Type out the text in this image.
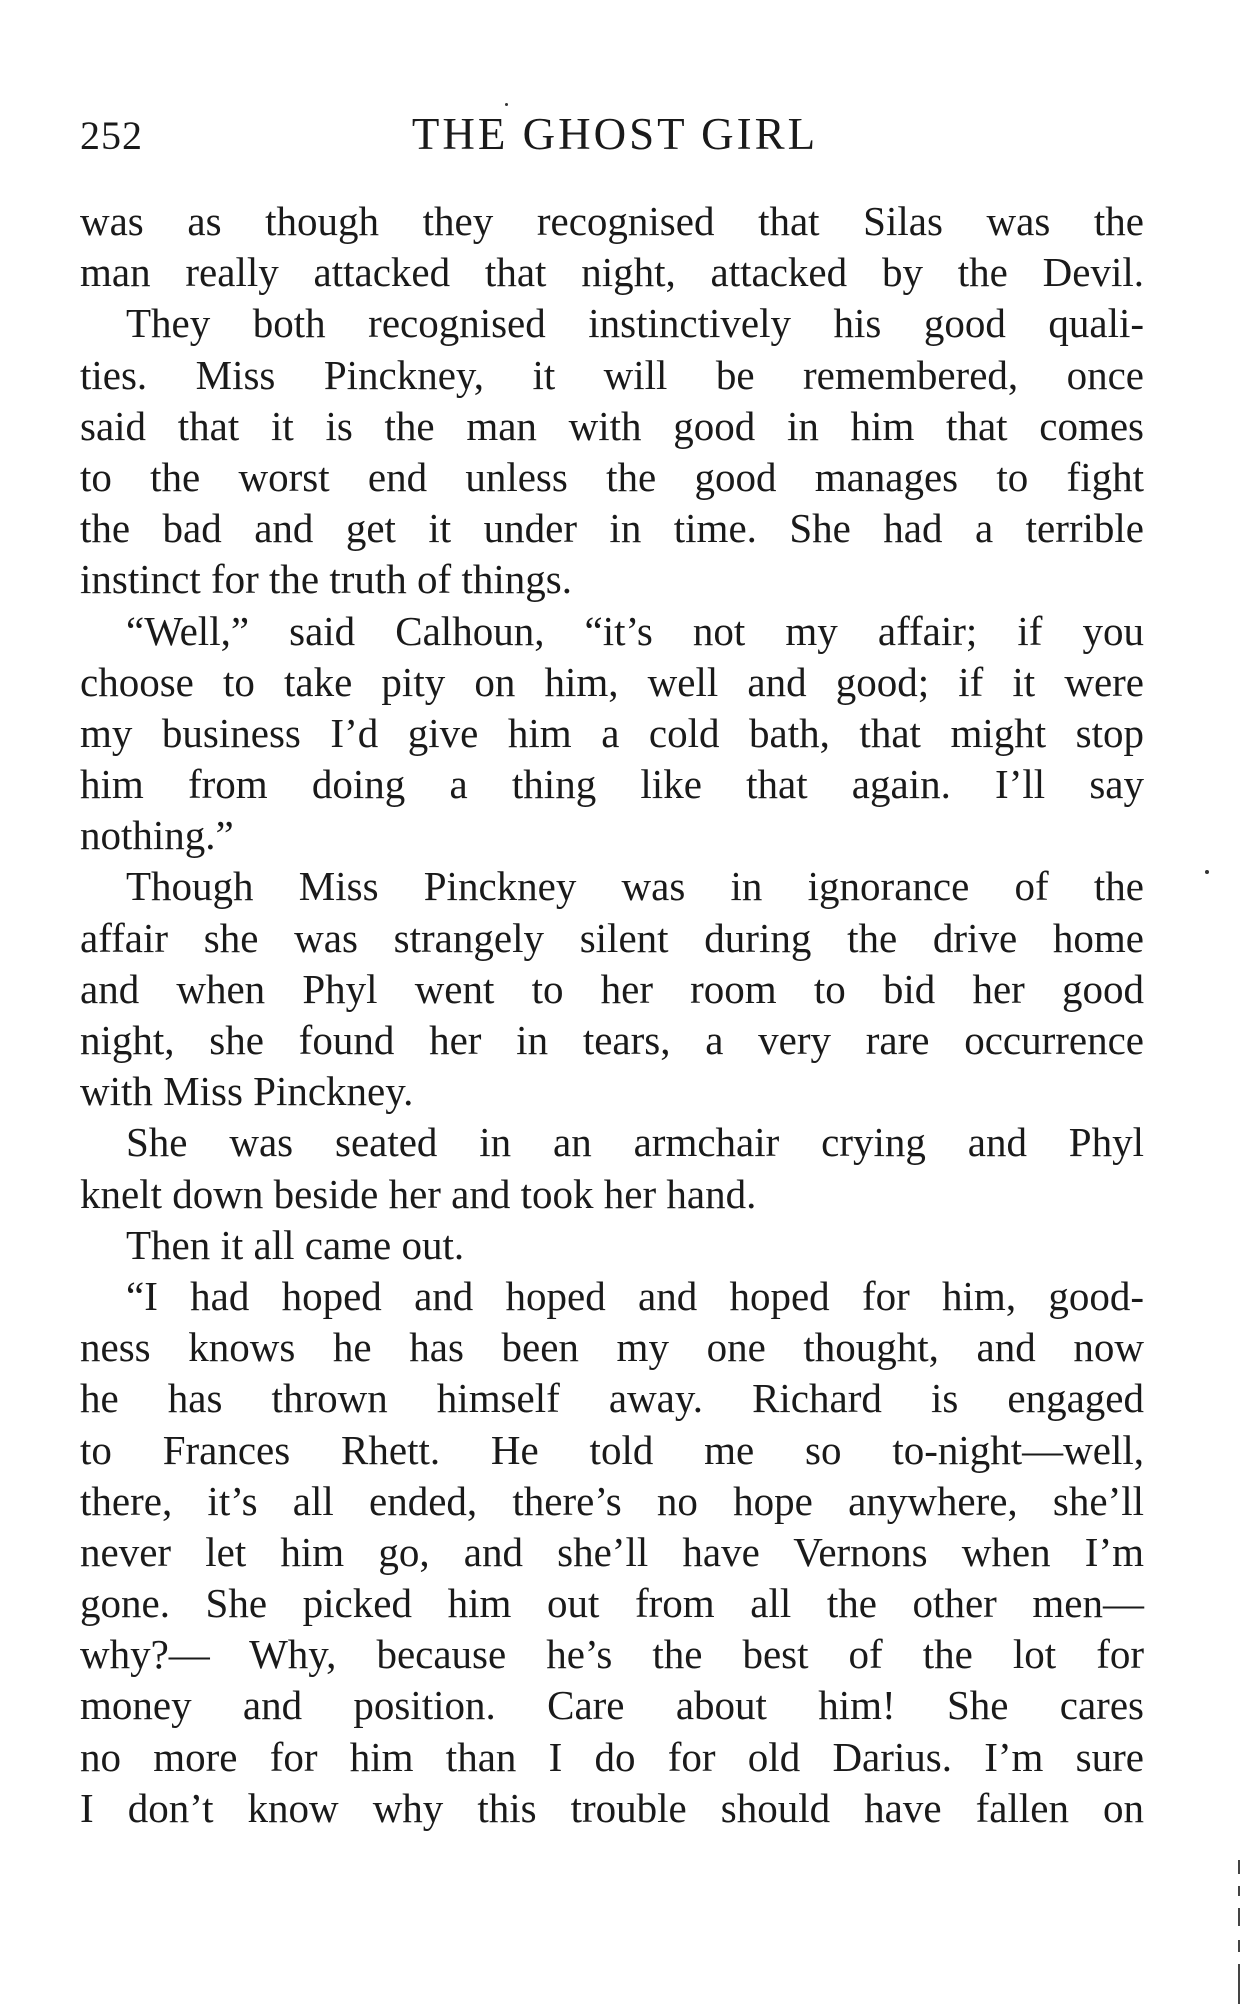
252	THE GHOST GIRL
was as though they recognised that Silas was the
man really attacked that night, attacked by the Devil.
They both recognised instinctively his good quali-
ties. Miss Pinckney, it will be remembered, once
said that it is the man with good in him that comes
to the worst end unless the good manages to fight
the bad and get it under in time. She had a terrible
instinct for the truth of things.
“Well,” said Calhoun, “it’s not my affair; if you
choose to take pity on him, well and good; if it were
my business I’d give him a cold bath, that might stop
him from doing a thing like that again. I’ll say
nothing.”
Though Miss Pinckney was in ignorance of the
affair she was strangely silent during the drive home
and when Phyl went to her room to bid her good
night, she found her in tears, a very rare occurrence
with Miss Pinckney.
She was seated in an armchair crying and Phyl
knelt down beside her and took her hand.
Then it all came out.
“I had hoped and hoped and hoped for him, good-
ness knows he has been my one thought, and now
he has thrown himself away. Richard is engaged
to Frances Rhett. He told me so to-night—well,
there, it’s all ended, there’s no hope anywhere, she’ll
never let him go, and she’ll have Vernons when I’m
gone. She picked him out from all the other men—
why?— Why, because he’s the best of the lot for
money and position. Care about him! She cares
no more for him than I do for old Darius. I’m sure
I don’t know why this trouble should have fallen on
